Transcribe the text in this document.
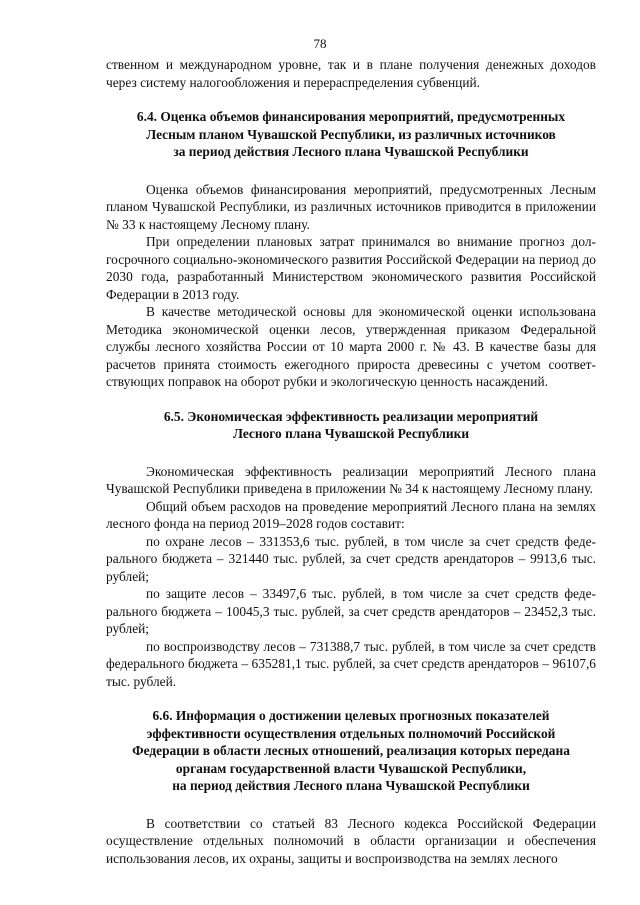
78

ственном и международном уровне, так и в плане получения денежных доходов через систему налогообложения и перераспределения субвенций.

6.4. Оценка объемов финансирования мероприятий, предусмотренных
Лесным планом Чувашской Республики, из различных источников
за период действия Лесного плана Чувашской Республики

Оценка объемов финансирования мероприятий, предусмотренных Лесным планом Чувашской Республики, из различных источников приводится в приложении № 33 к настоящему Лесному плану.

При определении плановых затрат принимался во внимание прогноз долгосрочного социально-экономического развития Российской Федерации на период до 2030 года, разработанный Министерством экономического развития Российской Федерации в 2013 году.

В качестве методической основы для экономической оценки использована Методика экономической оценки лесов, утвержденная приказом Федеральной службы лесного хозяйства России от 10 марта 2000 г. № 43. В качестве базы для расчетов принята стоимость ежегодного прироста древесины с учетом соответствующих поправок на оборот рубки и экологическую ценность насаждений.

6.5. Экономическая эффективность реализации мероприятий
Лесного плана Чувашской Республики

Экономическая эффективность реализации мероприятий Лесного плана Чувашской Республики приведена в приложении № 34 к настоящему Лесному плану.

Общий объем расходов на проведение мероприятий Лесного плана на землях лесного фонда на период 2019–2028 годов составит:

по охране лесов – 331353,6 тыс. рублей, в том числе за счет средств федерального бюджета – 321440 тыс. рублей, за счет средств арендаторов – 9913,6 тыс. рублей;

по защите лесов – 33497,6 тыс. рублей, в том числе за счет средств федерального бюджета – 10045,3 тыс. рублей, за счет средств арендаторов – 23452,3 тыс. рублей;

по воспроизводству лесов – 731388,7 тыс. рублей, в том числе за счет средств федерального бюджета – 635281,1 тыс. рублей, за счет средств арендaторов – 96107,6 тыс. рублей.

6.6. Информация о достижении целевых прогнозных показателей
эффективности осуществления отдельных полномочий Российской
Федерации в области лесных отношений, реализация которых передана
органам государственной власти Чувашской Республики,
на период действия Лесного плана Чувашской Республики

В соответствии со статьей 83 Лесного кодекса Российской Федерации осуществление отдельных полномочий в области организации и обеспечения использования лесов, их охраны, защиты и воспроизводства на землях лесного
